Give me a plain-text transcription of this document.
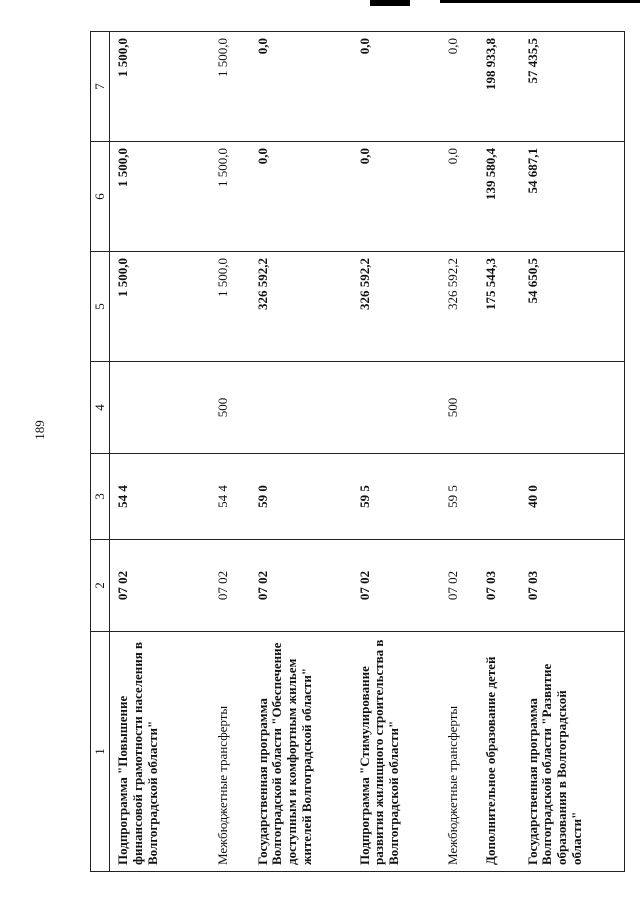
189
1	2	3	4	5	6	7
Подпрограмма "Повышение финансовой грамотности населения в Волгоградской области"	07 02	54 4		1 500,0	1 500,0	1 500,0
Межбюджетные трансферты	07 02	54 4	500	1 500,0	1 500,0	1 500,0
Государственная программа Волгоградской области "Обеспечение доступным и комфортным жильем жителей Волгоградской области"	07 02	59 0		326 592,2	0,0	0,0
Подпрограмма "Стимулирование развития жилищного строительства в Волгоградской области"	07 02	59 5		326 592,2	0,0	0,0
Межбюджетные трансферты	07 02	59 5	500	326 592,2	0,0	0,0
Дополнительное образование детей	07 03			175 544,3	139 580,4	198 933,8
Государственная программа Волгоградской области "Развитие образования в Волгоградской области"	07 03	40 0		54 650,5	54 687,1	57 435,5
